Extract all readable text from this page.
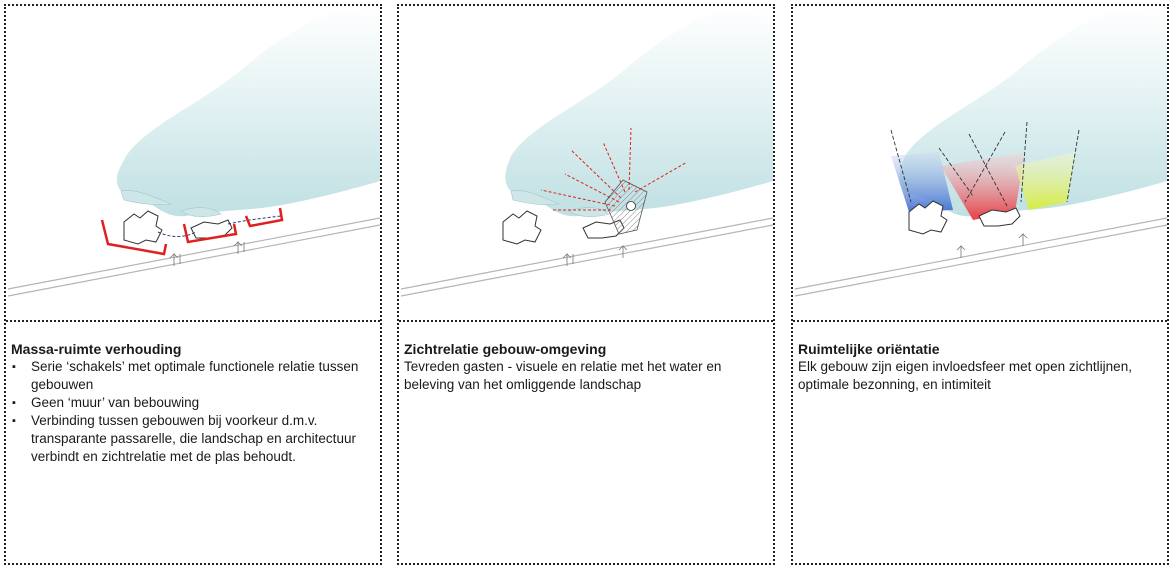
Massa-ruimte verhouding

▪ Serie ‘schakels’ met optimale functionele relatie tussen gebouwen
▪ Geen ‘muur’ van bebouwing
▪ Verbinding tussen gebouwen bij voorkeur d.m.v. transparante passarelle, die landschap en architectuur verbindt en zichtrelatie met de plas behoudt.

Zichtrelatie gebouw-omgeving

Tevreden gasten - visuele en relatie met het water en beleving van het omliggende landschap

Ruimtelijke oriëntatie

Elk gebouw zijn eigen invloedsfeer met open zichtlijnen, optimale bezonning, en intimiteit
